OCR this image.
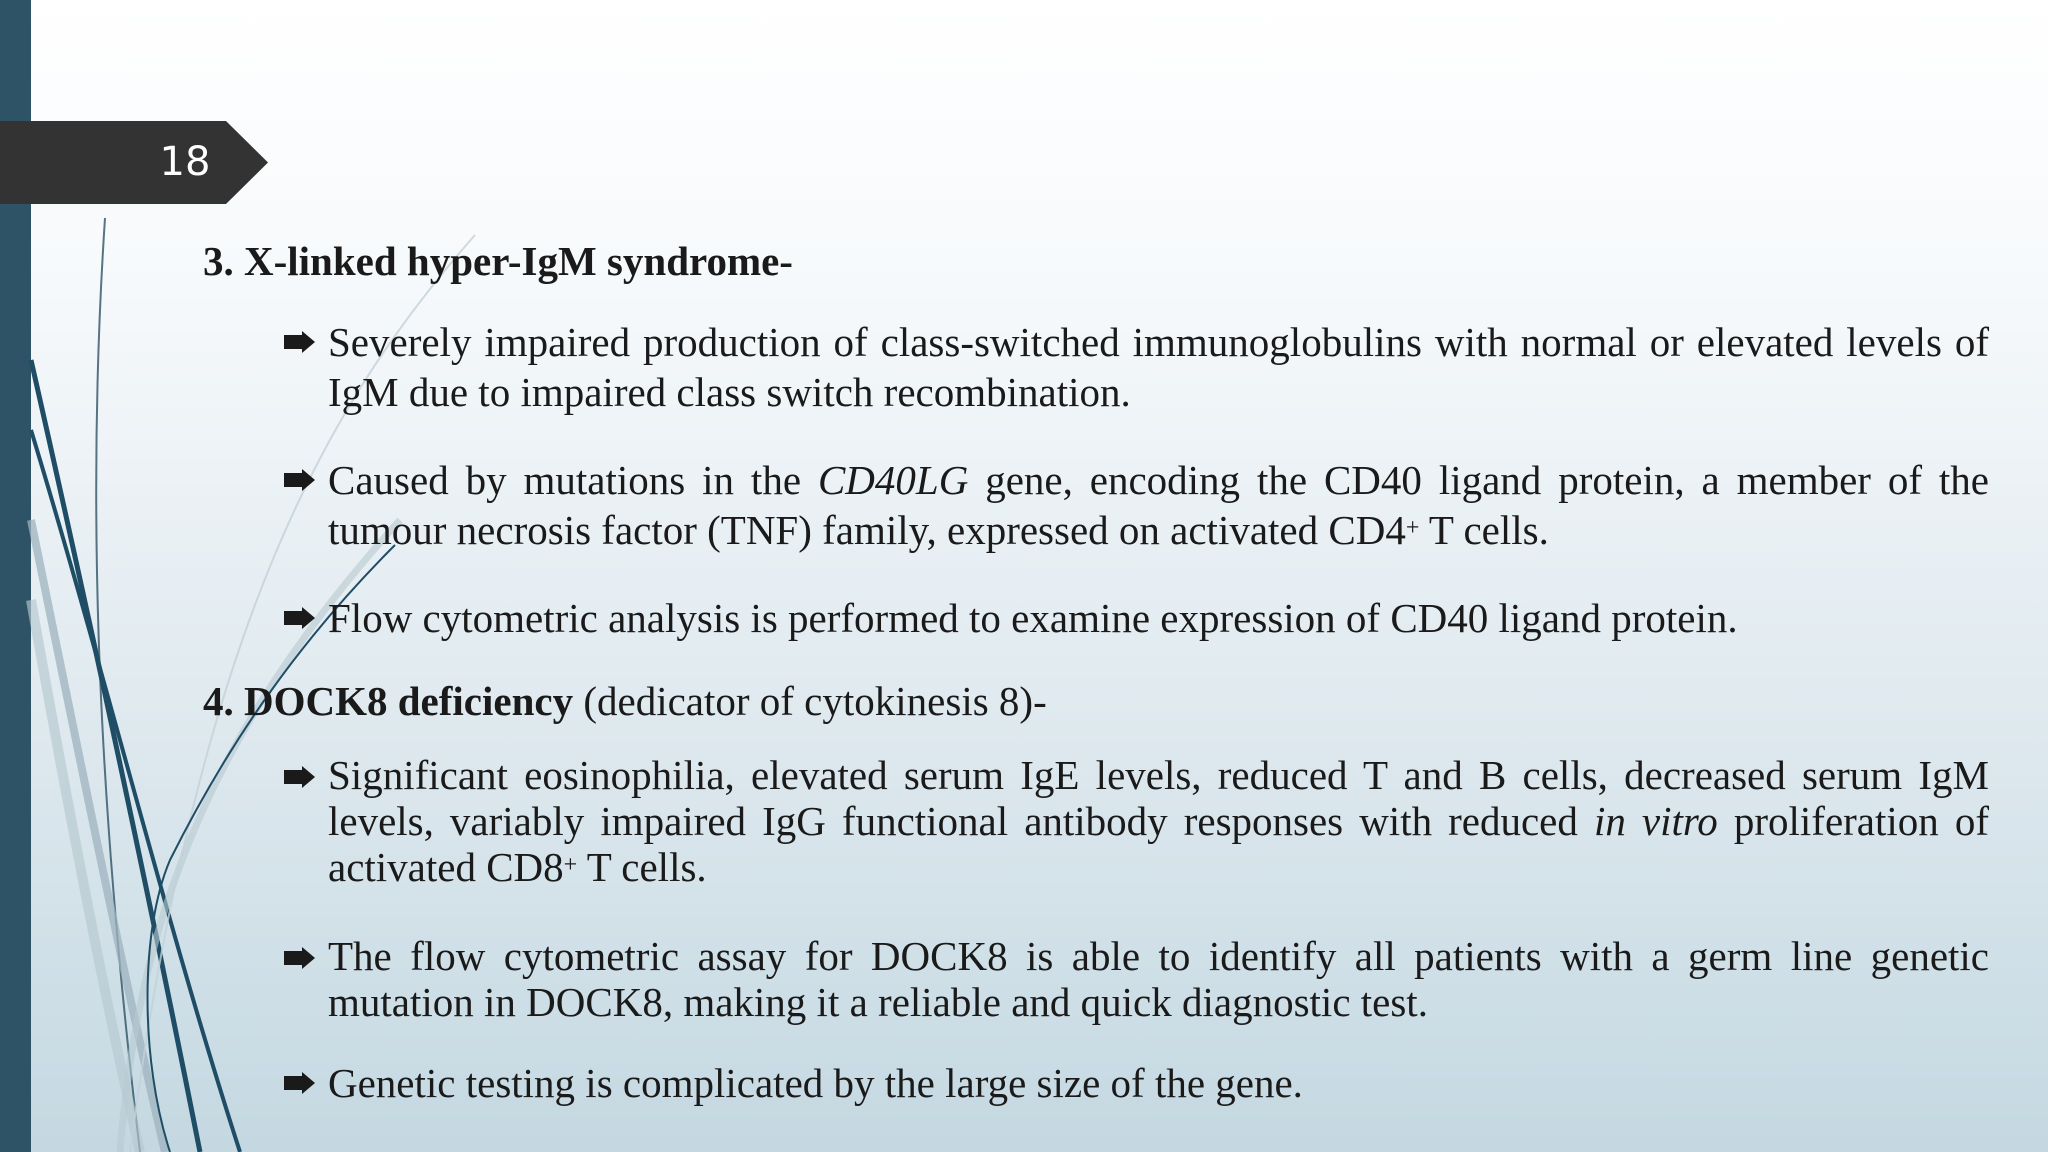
18
3. X-linked hyper-IgM syndrome-
Severely impaired production of class-switched immunoglobulins with normal or elevated levels of IgM due to impaired class switch recombination.
Caused by mutations in the CD40LG gene, encoding the CD40 ligand protein, a member of the tumour necrosis factor (TNF) family, expressed on activated CD4+ T cells.
Flow cytometric analysis is performed to examine expression of CD40 ligand protein.
4. DOCK8 deficiency (dedicator of cytokinesis 8)-
Significant eosinophilia, elevated serum IgE levels, reduced T and B cells, decreased serum IgM levels, variably impaired IgG functional antibody responses with reduced in vitro proliferation of activated CD8+ T cells.
The flow cytometric assay for DOCK8 is able to identify all patients with a germ line genetic mutation in DOCK8, making it a reliable and quick diagnostic test.
Genetic testing is complicated by the large size of the gene.
